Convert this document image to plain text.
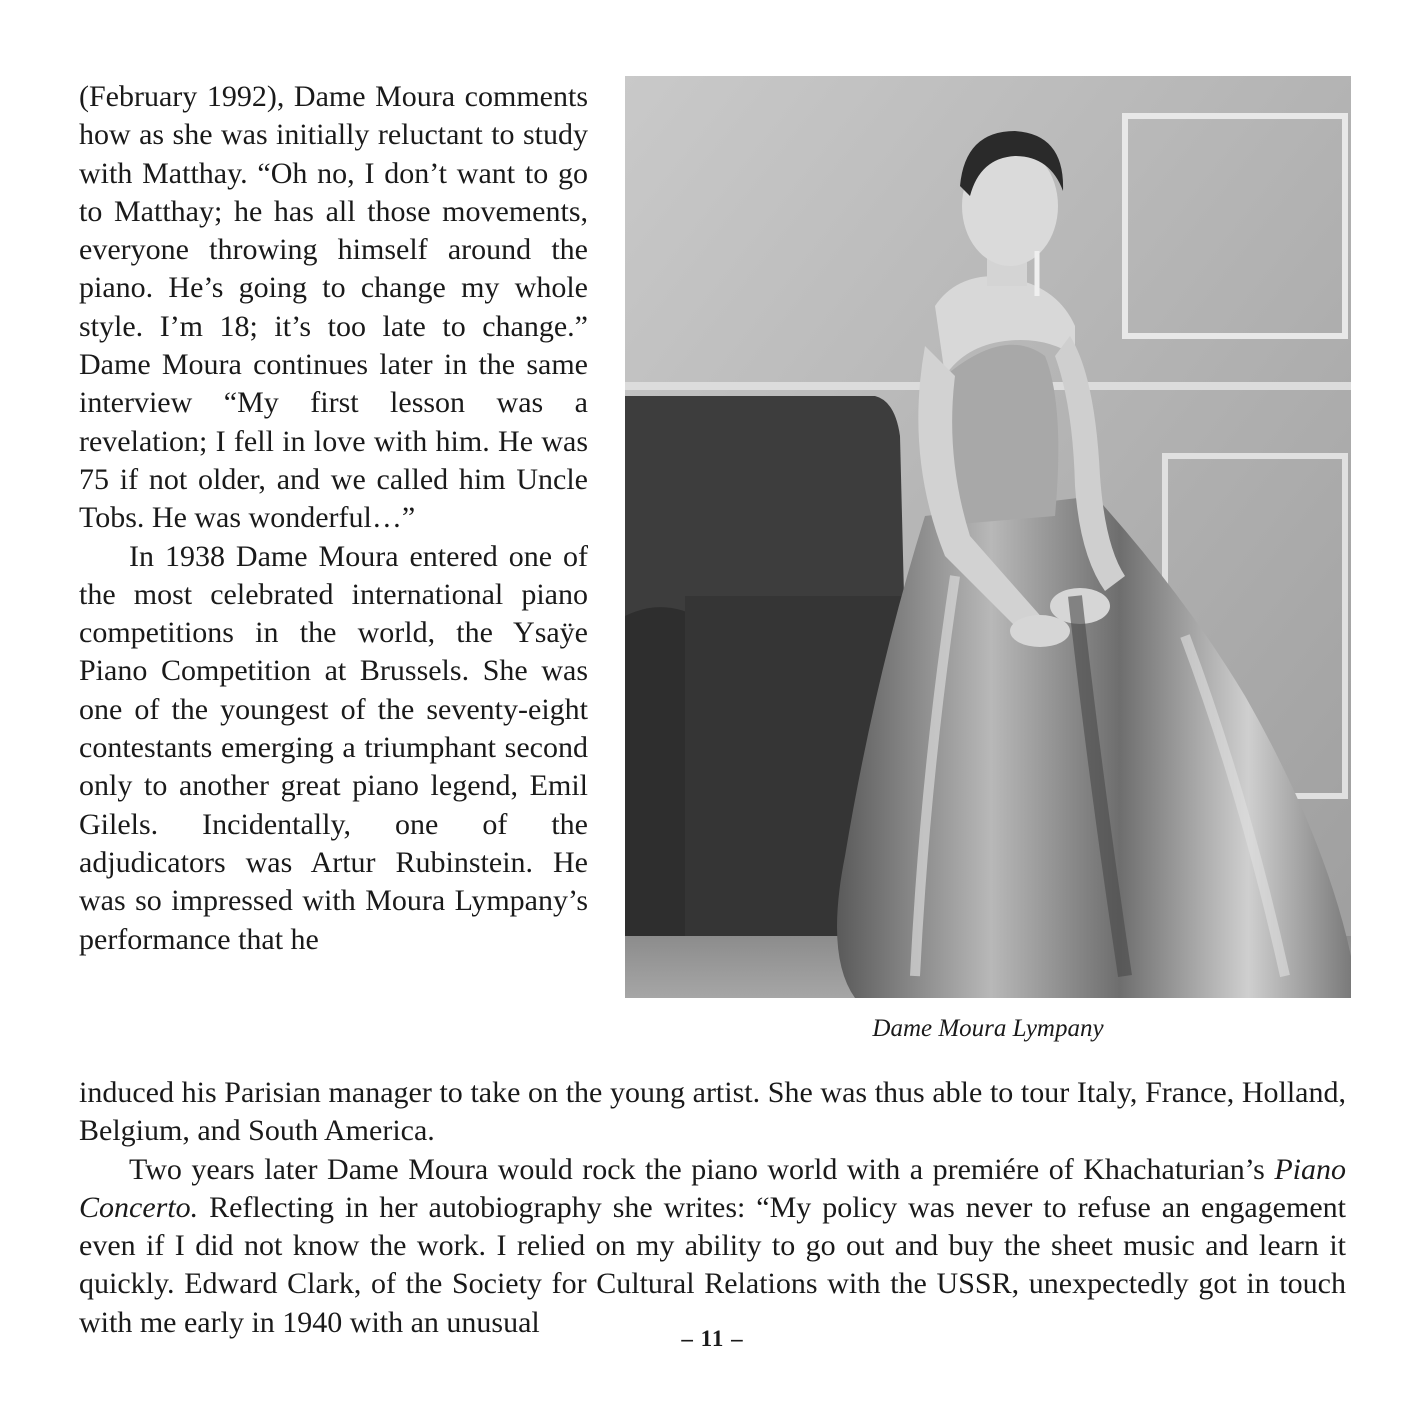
(February 1992), Dame Moura comments how as she was initially reluctant to study with Matthay. “Oh no, I don’t want to go to Matthay; he has all those movements, everyone throwing himself around the piano. He’s going to change my whole style. I’m 18; it’s too late to change.” Dame Moura continues later in the same interview “My first lesson was a revelation; I fell in love with him. He was 75 if not older, and we called him Uncle Tobs. He was wonderful…”

In 1938 Dame Moura entered one of the most celebrated international piano competitions in the world, the Ysaÿe Piano Competition at Brussels. She was one of the youngest of the seventy-eight contestants emerging a triumphant second only to another great piano legend, Emil Gilels. Incidentally, one of the adjudicators was Artur Rubinstein. He was so impressed with Moura Lympany’s performance that he

Dame Moura Lympany

induced his Parisian manager to take on the young artist. She was thus able to tour Italy, France, Holland, Belgium, and South America.

Two years later Dame Moura would rock the piano world with a premiére of Khachaturian’s Piano Concerto. Reflecting in her autobiography she writes: “My policy was never to refuse an engagement even if I did not know the work. I relied on my ability to go out and buy the sheet music and learn it quickly. Edward Clark, of the Society for Cultural Relations with the USSR, unexpectedly got in touch with me early in 1940 with an unusual	– 11 –
